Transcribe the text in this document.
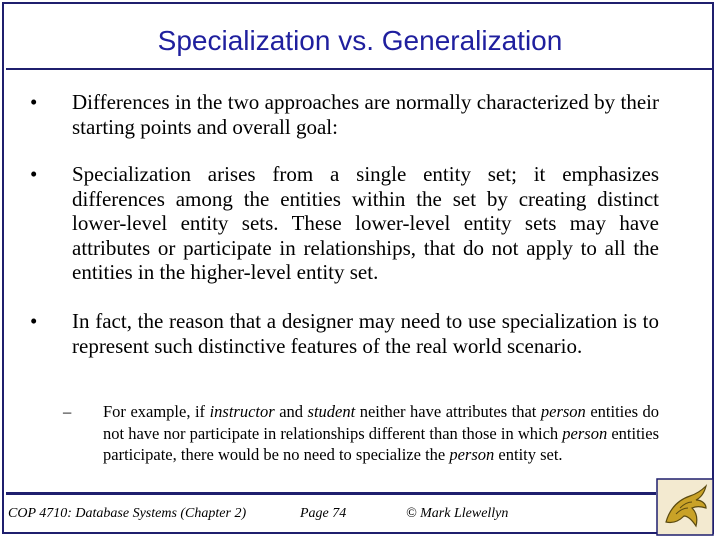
Specialization vs. Generalization
• Differences in the two approaches are normally characterized by their starting points and overall goal:
• Specialization arises from a single entity set; it emphasizes differences among the entities within the set by creating distinct lower-level entity sets. These lower-level entity sets may have attributes or participate in relationships, that do not apply to all the entities in the higher-level entity set.
• In fact, the reason that a designer may need to use specialization is to represent such distinctive features of the real world scenario.
– For example, if instructor and student neither have attributes that person entities do not have nor participate in relationships different than those in which person entities participate, there would be no need to specialize the person entity set.
COP 4710: Database Systems (Chapter 2)	Page 74	© Mark Llewellyn
